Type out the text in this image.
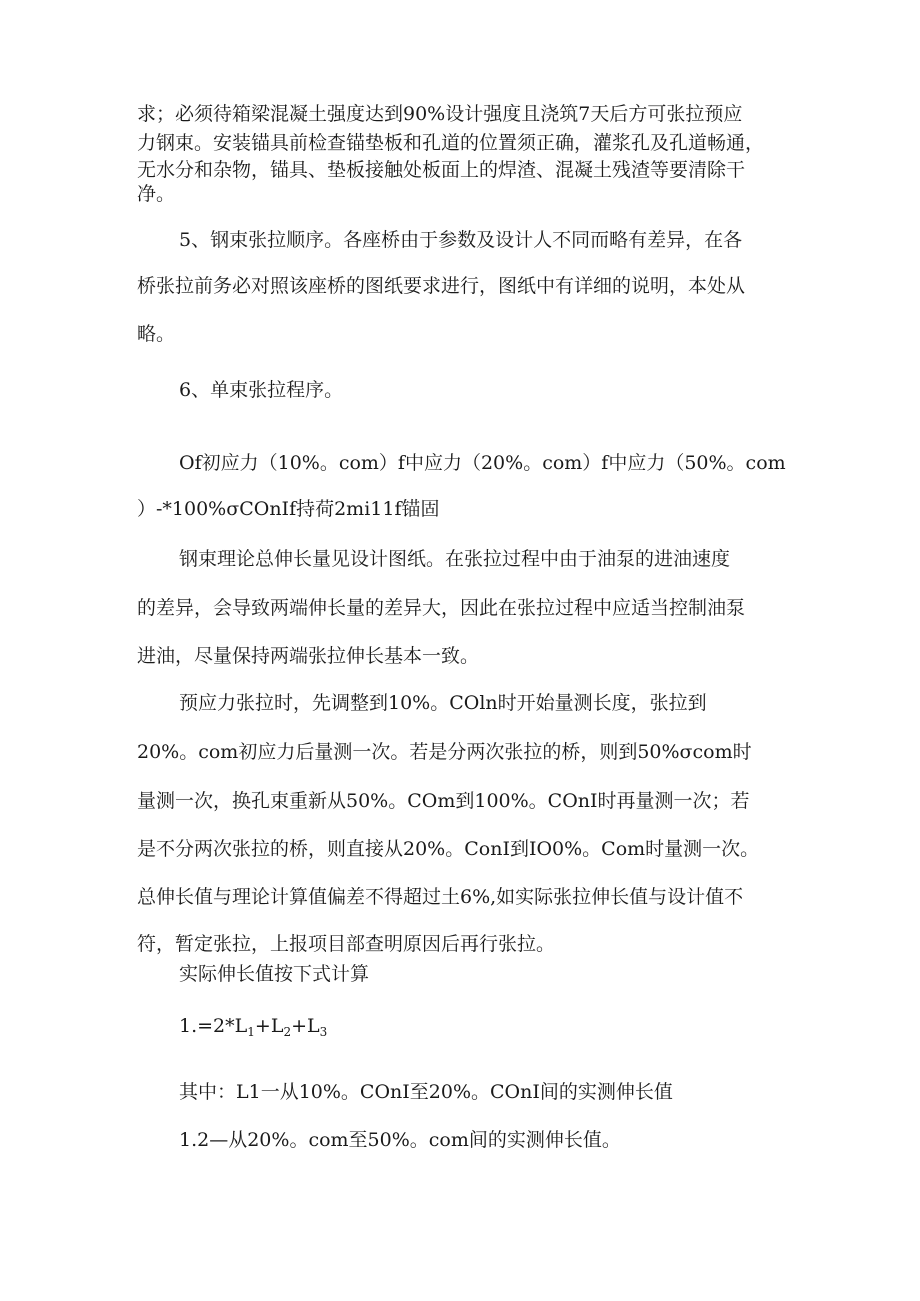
求；必须待箱梁混凝土强度达到90%设计强度且浇筑7天后方可张拉预应
力钢束。安装锚具前检查锚垫板和孔道的位置须正确，灌浆孔及孔道畅通，
无水分和杂物，锚具、垫板接触处板面上的焊渣、混凝土残渣等要清除干
净。
5、钢束张拉顺序。各座桥由于参数及设计人不同而略有差异，在各
桥张拉前务必对照该座桥的图纸要求进行，图纸中有详细的说明，本处从
略。
6、单束张拉程序。
Of初应力（10%。com）f中应力（20%。com）f中应力（50%。com
）-*100%σCOnIf持荷2mi11f锚固
钢束理论总伸长量见设计图纸。在张拉过程中由于油泵的进油速度
的差异，会导致两端伸长量的差异大，因此在张拉过程中应适当控制油泵
进油，尽量保持两端张拉伸长基本一致。
预应力张拉时，先调整到10%。COln时开始量测长度，张拉到
20%。com初应力后量测一次。若是分两次张拉的桥，则到50%σcom时
量测一次，换孔束重新从50%。COm到100%。COnI时再量测一次；若
是不分两次张拉的桥，则直接从20%。ConI到IO0%。Com时量测一次。
总伸长值与理论计算值偏差不得超过土6%,如实际张拉伸长值与设计值不
符，暂定张拉，上报项目部查明原因后再行张拉。
实际伸长值按下式计算
$1.=2*L_1+L_2+L_3$
其中：L1一从10%。COnI至20%。COnI间的实测伸长值
1.2—从20%。com至50%。com间的实测伸长值。
